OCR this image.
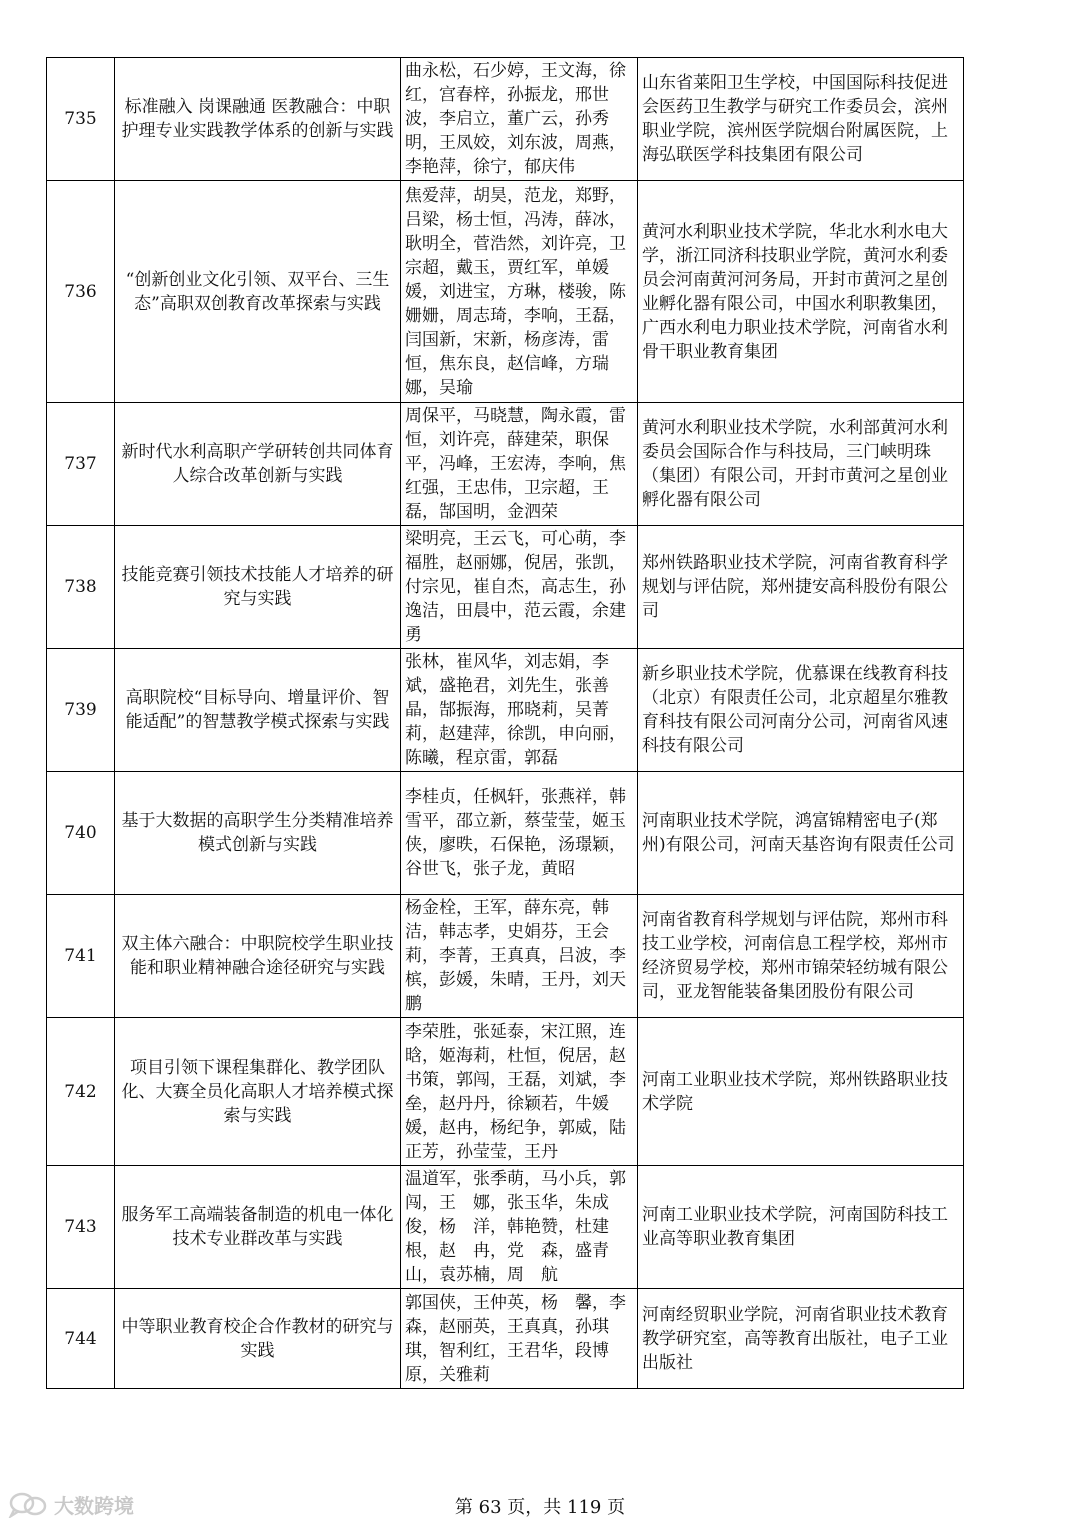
735	标准融入 岗课融通 医教融合：中职护理专业实践教学体系的创新与实践	曲永松，石少婷，王文海，徐红，宫春梓，孙振龙，邢世波，李启立，董广云，孙秀明，王凤姣，刘东波，周燕，李艳萍，徐宁，郁庆伟	山东省莱阳卫生学校，中国国际科技促进会医药卫生教学与研究工作委员会，滨州职业学院，滨州医学院烟台附属医院，上海弘联医学科技集团有限公司

736	“创新创业文化引领、双平台、三生态”高职双创教育改革探索与实践	焦爱萍，胡昊，范龙，郑野，吕梁，杨士恒，冯涛，薛冰，耿明全，菅浩然，刘许亮，卫宗超，戴玉，贾红军，单媛媛，刘进宝，方琳，楼骏，陈姗姗，周志琦，李响，王磊，闫国新，宋新，杨彦涛，雷恒，焦东良，赵信峰，方瑞娜，吴瑜	黄河水利职业技术学院，华北水利水电大学，浙江同济科技职业学院，黄河水利委员会河南黄河河务局，开封市黄河之星创业孵化器有限公司，中国水利职教集团，广西水利电力职业技术学院，河南省水利骨干职业教育集团

737	新时代水利高职产学研转创共同体育人综合改革创新与实践	周保平，马晓慧，陶永霞，雷恒，刘许亮，薛建荣，职保平，冯峰，王宏涛，李响，焦红强，王忠伟，卫宗超，王磊，郜国明，金泗荣	黄河水利职业技术学院，水利部黄河水利委员会国际合作与科技局，三门峡明珠（集团）有限公司，开封市黄河之星创业孵化器有限公司

738	技能竞赛引领技术技能人才培养的研究与实践	梁明亮，王云飞，可心萌，李福胜，赵丽娜，倪居，张凯，付宗见，崔自杰，高志生，孙逸洁，田晨中，范云霞，余建勇	郑州铁路职业技术学院，河南省教育科学规划与评估院，郑州捷安高科股份有限公司

739	高职院校“目标导向、增量评价、智能适配”的智慧教学模式探索与实践	张林，崔风华，刘志娟，李斌，盛艳君，刘先生，张善晶，郜振海，邢晓莉，吴菁莉，赵建萍，徐凯，申向丽，陈曦，程京雷，郭磊	新乡职业技术学院，优慕课在线教育科技（北京）有限责任公司，北京超星尔雅教育科技有限公司河南分公司，河南省风速科技有限公司

740	基于大数据的高职学生分类精准培养模式创新与实践	李桂贞，任枫轩，张燕祥，韩雪平，邵立新，蔡莹莹，姬玉侠，廖昳，石保艳，汤璟颖，谷世飞，张子龙，黄昭	河南职业技术学院，鸿富锦精密电子(郑州)有限公司，河南天基咨询有限责任公司

741	双主体六融合：中职院校学生职业技能和职业精神融合途径研究与实践	杨金栓，王军，薛东亮，韩洁，韩志孝，史娟芬，王会莉，李菁，王真真，吕波，李槟，彭媛，朱晴，王丹，刘天鹏	河南省教育科学规划与评估院，郑州市科技工业学校，河南信息工程学校，郑州市经济贸易学校，郑州市锦荣轻纺城有限公司，亚龙智能装备集团股份有限公司

742	项目引领下课程集群化、教学团队化、大赛全员化高职人才培养模式探索与实践	李荣胜，张延泰，宋江照，连晗，姬海莉，杜恒，倪居，赵书策，郭闯，王磊，刘斌，李垒，赵丹丹，徐颖若，牛媛媛，赵冉，杨纪争，郭威，陆正芳，孙莹莹，王丹	河南工业职业技术学院，郑州铁路职业技术学院

743	服务军工高端装备制造的机电一体化技术专业群改革与实践	温道军，张季萌，马小兵，郭　闯，王　娜，张玉华，朱成俊，杨　洋，韩艳赞，杜建根，赵　冉，党　森，盛青山，袁苏楠，周　航	河南工业职业技术学院，河南国防科技工业高等职业教育集团

744	中等职业教育校企合作教材的研究与实践	郭国侠，王仲英，杨　馨，李　森，赵丽英，王真真，孙琪琪，智利红，王君华，段博原，关雅莉	河南经贸职业学院，河南省职业技术教育教学研究室，高等教育出版社，电子工业出版社
第 63 页，共 119 页
大数跨境
